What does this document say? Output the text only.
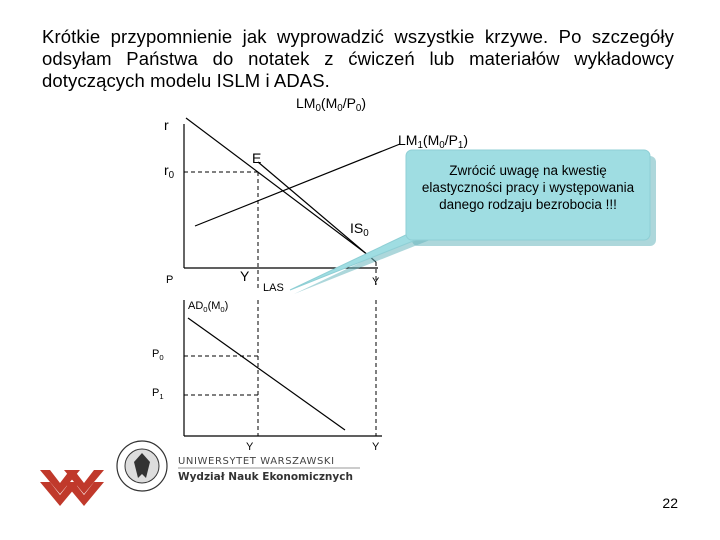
Krótkie przypomnienie jak wyprowadzić wszystkie krzywe. Po szczegóły odsyłam Państwa do notatek z ćwiczeń lub materiałów wykładowcy dotyczących modelu ISLM i ADAS.
r
$r_0$
$LM_0(M_0/P_0)$
$LM_1(M_0/P_1)$
E
$IS_0$
Y
LAS	Y
P
$AD_0(M_0)$
$P_0$
$P_1$
Y	Y
Zwrócić uwagę na kwestię elastyczności pracy i występowania danego rodzaju bezrobocia !!!
UNIWERSYTET WARSZAWSKI
Wydział Nauk Ekonomicznych
22
